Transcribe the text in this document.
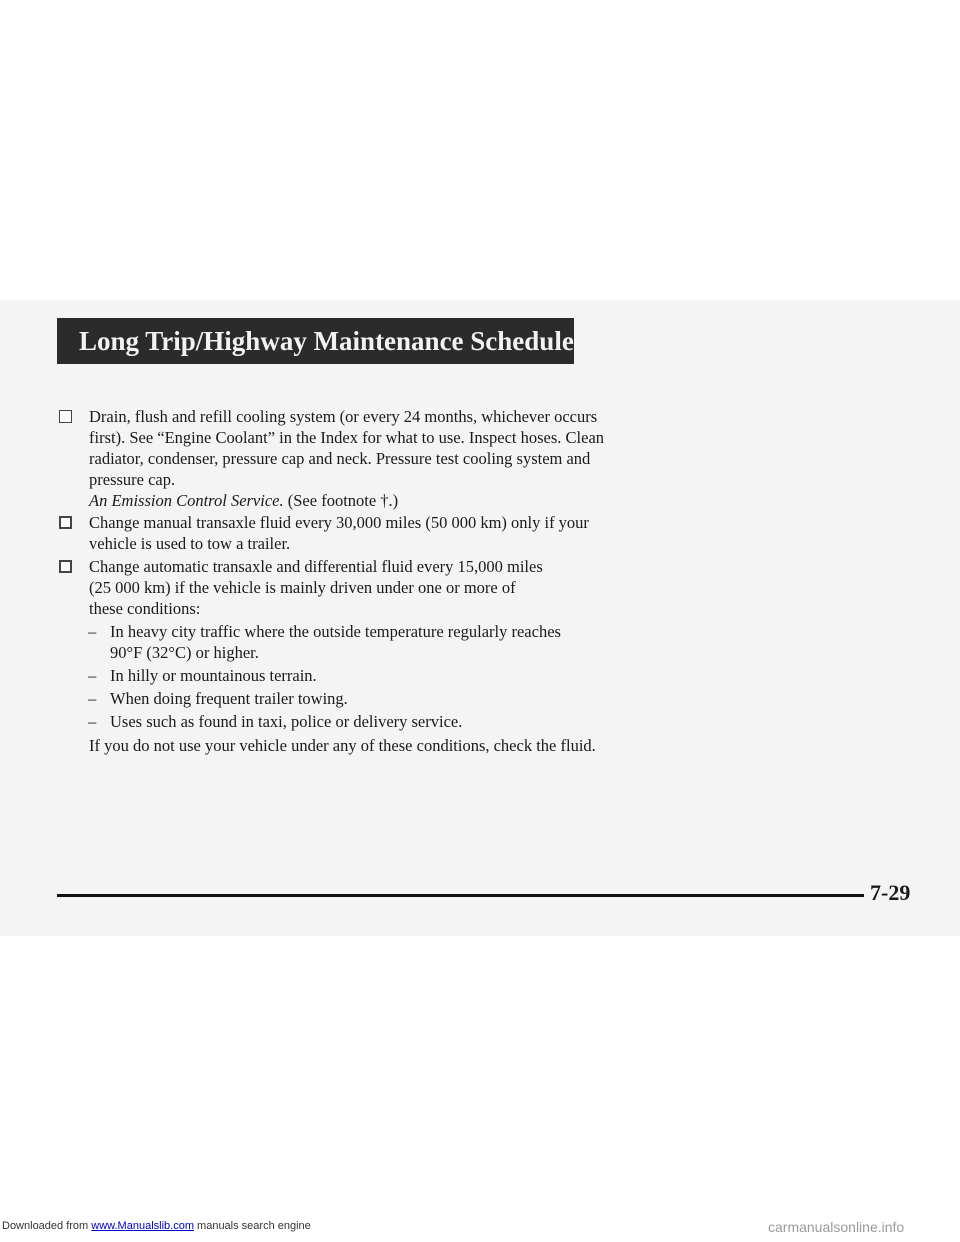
Long Trip/Highway Maintenance Schedule
Drain, flush and refill cooling system (or every 24 months, whichever occurs
first). See “Engine Coolant” in the Index for what to use. Inspect hoses. Clean
radiator, condenser, pressure cap and neck. Pressure test cooling system and
pressure cap.
An Emission Control Service. (See footnote †.)
Change manual transaxle fluid every 30,000 miles (50 000 km) only if your
vehicle is used to tow a trailer.
Change automatic transaxle and differential fluid every 15,000 miles
(25 000 km) if the vehicle is mainly driven under one or more of
these conditions:
– In heavy city traffic where the outside temperature regularly reaches
90°F (32°C) or higher.
– In hilly or mountainous terrain.
– When doing frequent trailer towing.
– Uses such as found in taxi, police or delivery service.
If you do not use your vehicle under any of these conditions, check the fluid.
7-29
Downloaded from www.Manualslib.com manuals search engine	carmanualsonline.info
